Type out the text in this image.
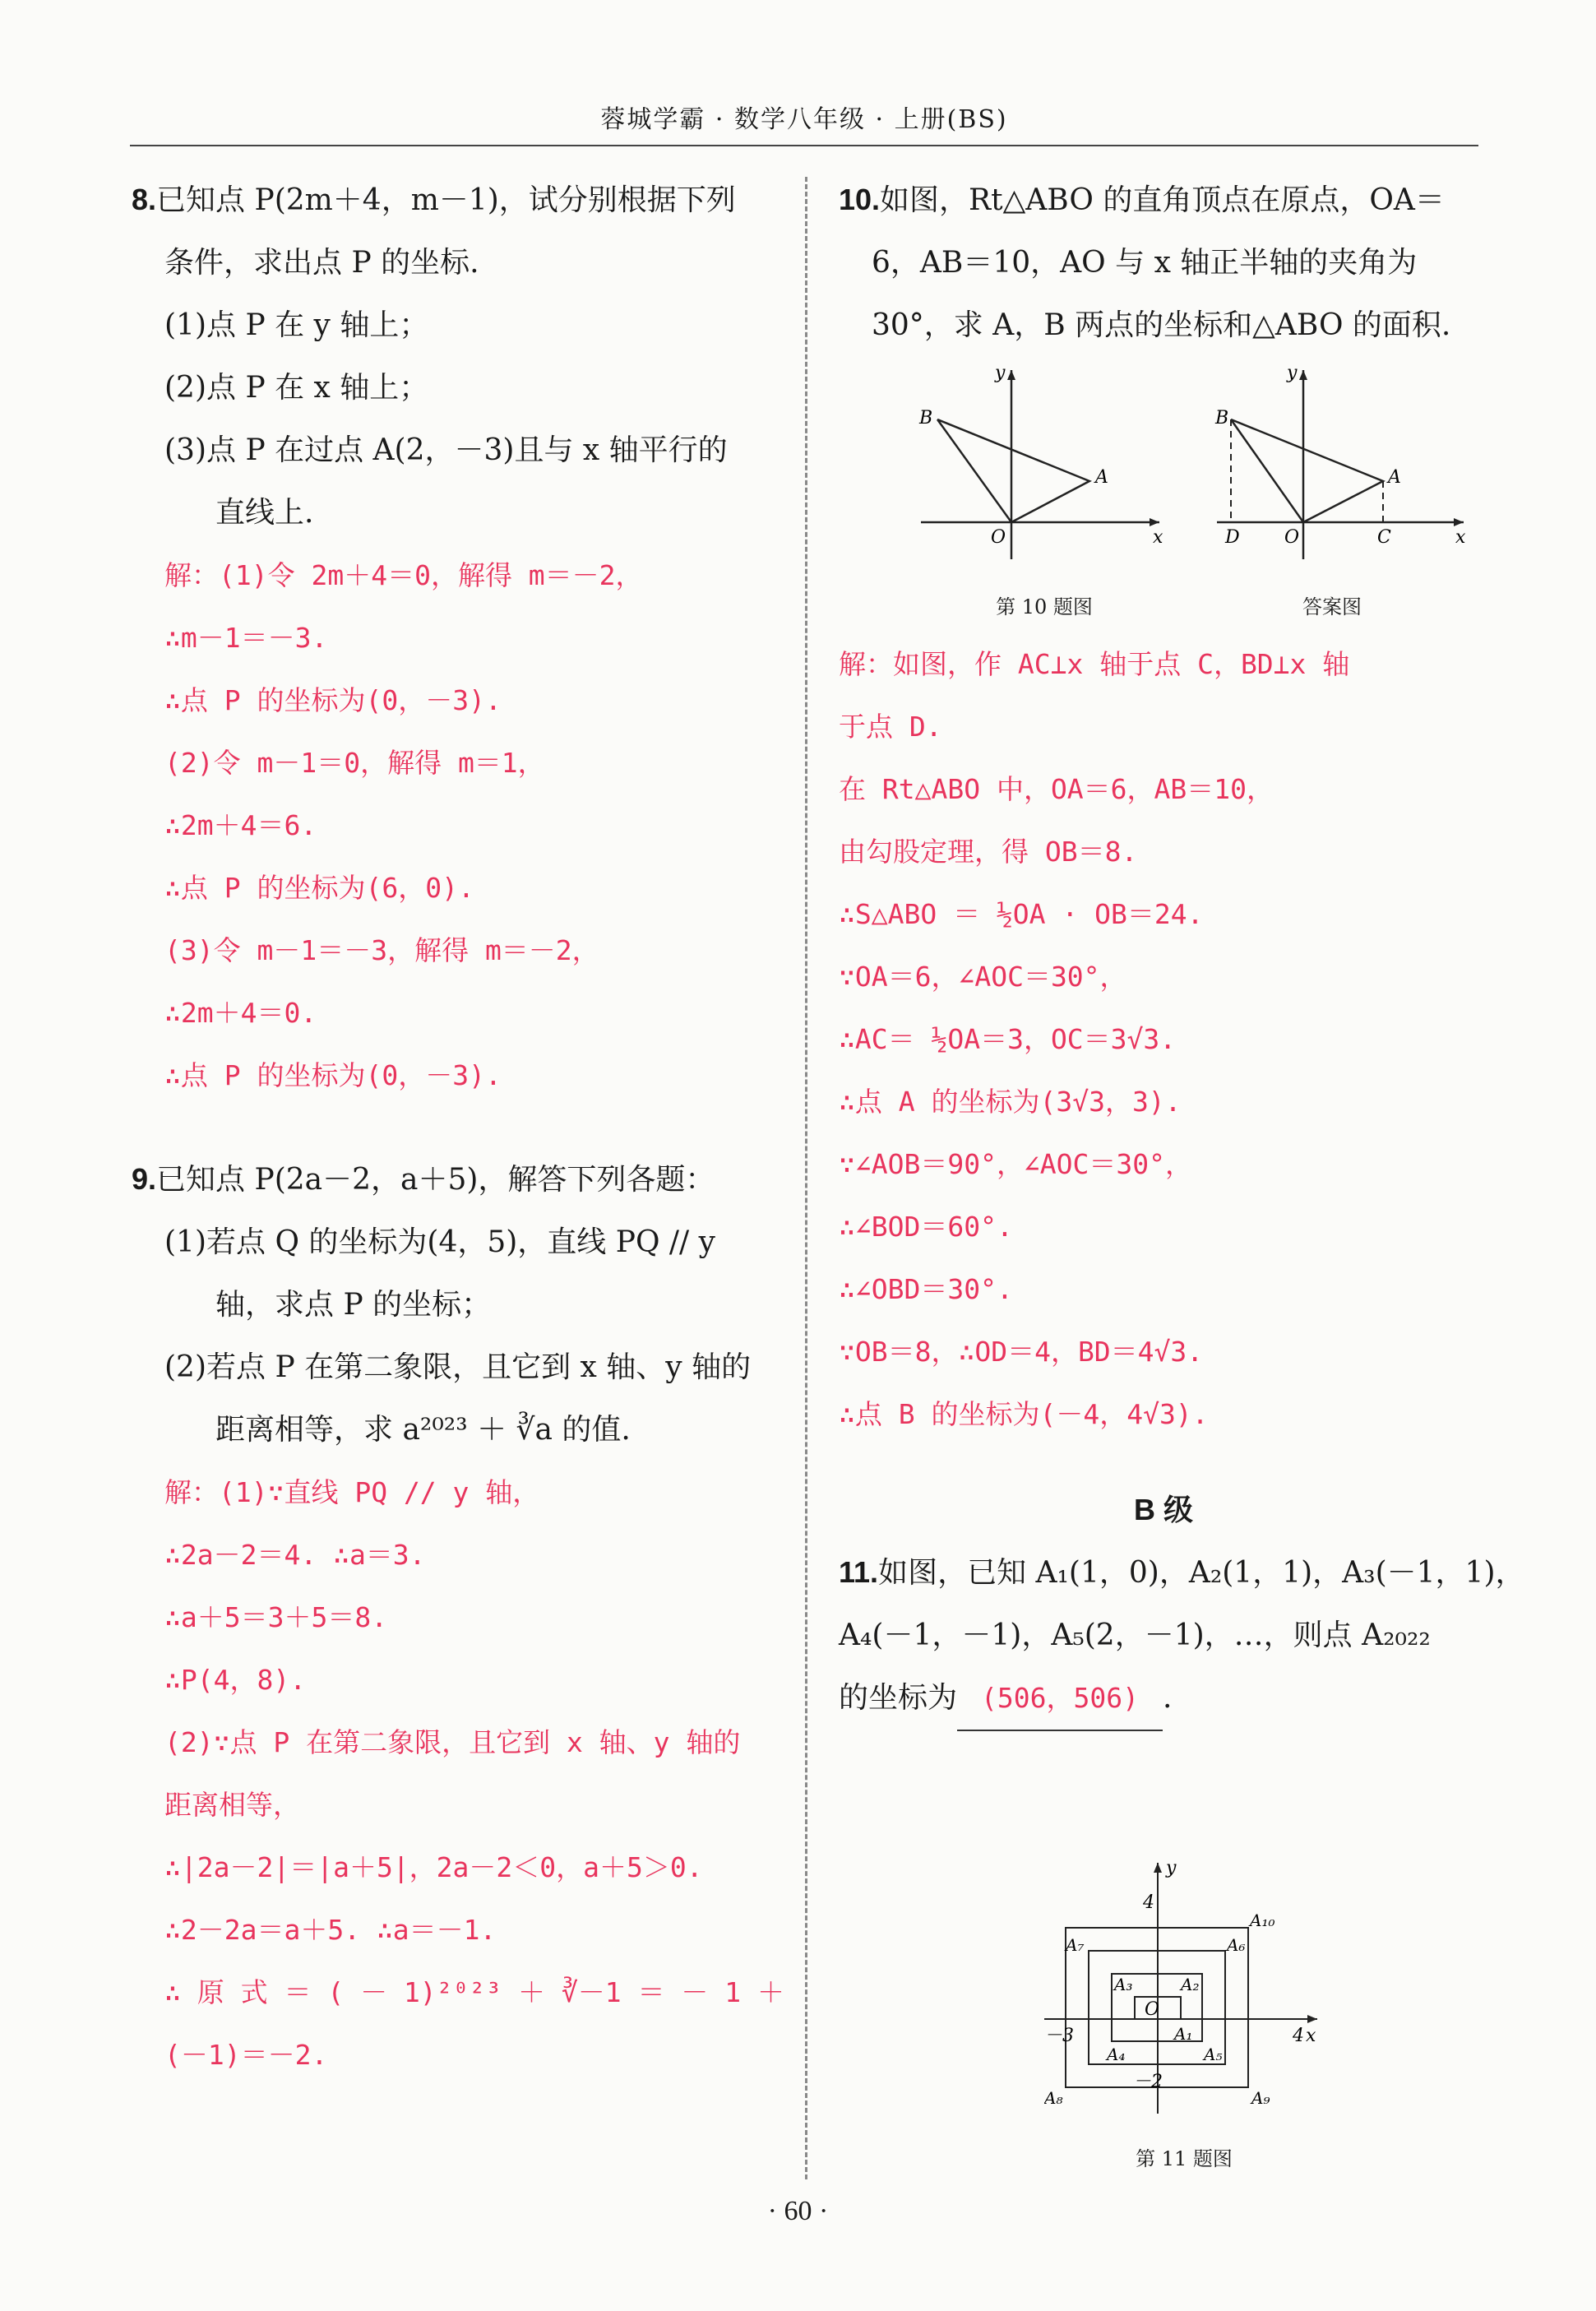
蓉城学霸 · 数学八年级 · 上册(BS)
8.已知点 P(2m＋4，m－1)，试分别根据下列
条件，求出点 P 的坐标.
(1)点 P 在 y 轴上；
(2)点 P 在 x 轴上；
(3)点 P 在过点 A(2，－3)且与 x 轴平行的
直线上.
解：(1)令 2m＋4＝0，解得 m＝－2，
∴m－1＝－3.
∴点 P 的坐标为(0，－3).
(2)令 m－1＝0，解得 m＝1，
∴2m＋4＝6.
∴点 P 的坐标为(6，0).
(3)令 m－1＝－3，解得 m＝－2，
∴2m＋4＝0.
∴点 P 的坐标为(0，－3).
9.已知点 P(2a－2，a＋5)，解答下列各题：
(1)若点 Q 的坐标为(4，5)，直线 PQ // y
轴，求点 P 的坐标；
(2)若点 P 在第二象限，且它到 x 轴、y 轴的
距离相等，求 a²⁰²³ ＋ ∛a 的值.
解：(1)∵直线 PQ // y 轴，
∴2a－2＝4. ∴a＝3.
∴a＋5＝3＋5＝8.
∴P(4，8).
(2)∵点 P 在第二象限，且它到 x 轴、y 轴的
距离相等，
∴|2a－2|＝|a＋5|，2a－2＜0，a＋5＞0.
∴2－2a＝a＋5. ∴a＝－1.
∴ 原 式 ＝ ( － 1)²⁰²³ ＋ ∛－1 ＝ － 1 ＋
(－1)＝－2.
10.如图，Rt△ABO 的直角顶点在原点，OA＝
6，AB＝10，AO 与 x 轴正半轴的夹角为
30°，求 A，B 两点的坐标和△ABO 的面积.
y
x
B
A
O
第 10 题图
y
x
B
A
O
D	C
答案图
解：如图，作 AC⊥x 轴于点 C，BD⊥x 轴
于点 D.
在 Rt△ABO 中，OA＝6，AB＝10，
由勾股定理，得 OB＝8.
∴S△ABO ＝ ½OA · OB＝24.
∵OA＝6，∠AOC＝30°，
∴AC＝ ½OA＝3，OC＝3√3.
∴点 A 的坐标为(3√3，3).
∵∠AOB＝90°，∠AOC＝30°，
∴∠BOD＝60°.
∴∠OBD＝30°.
∵OB＝8，∴OD＝4，BD＝4√3.
∴点 B 的坐标为(－4，4√3).
B 级
11.如图，已知 A₁(1，0)，A₂(1，1)，A₃(－1，1)，
A₄(－1，－1)，A₅(2，－1)，…，则点 A₂₀₂₂
的坐标为 (506，506) .
4
y
x
4
－3
－2
O
A₁
A₂
A₃
A₄	A₅
A₆
A₇
A₈	A₉
A₁₀
第 11 题图
· 60 ·
